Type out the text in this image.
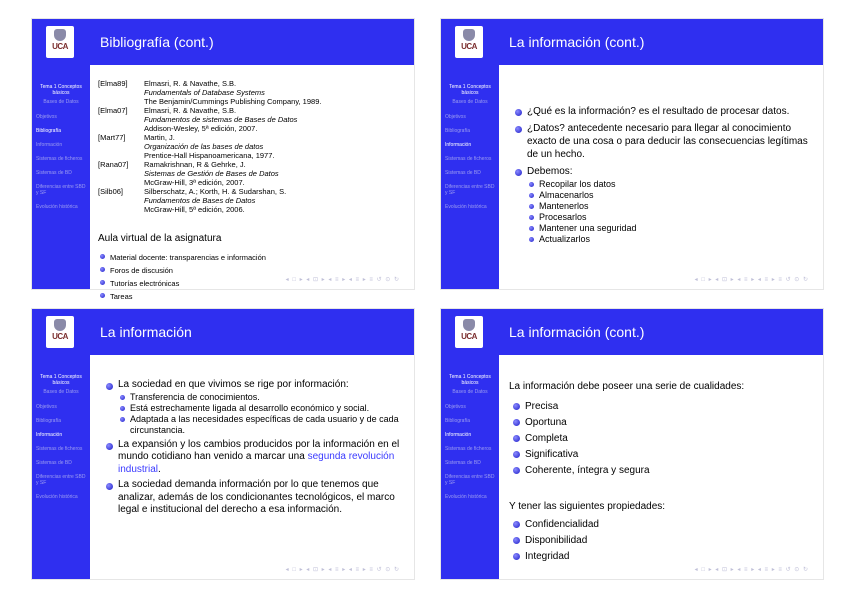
UCA
Tema 1 Conceptos básicos
Bases de Datos
Objetivos
Bibliografía
Información
Sistemas de ficheros
Sistemas de BD
Diferencias entre SBD y SF
Evolución histórica
Bibliografía (cont.)
[Elma89]	Elmasri, R. & Navathe, S.B.
Fundamentals of Database Systems
The Benjamin/Cummings Publishing Company, 1989.
[Elma07]	Elmasri, R. & Navathe, S.B.
Fundamentos de sistemas de Bases de Datos
Addison-Wesley, 5ª edición, 2007.
[Mart77]	Martin, J.
Organización de las bases de datos
Prentice-Hall Hispanoamericana, 1977.
[Rana07]	Ramakrishnan, R & Gehrke, J.
Sistemas de Gestión de Bases de Datos
McGraw-Hill, 3ª edición, 2007.
[Silb06]	Silberschatz, A.; Korth, H. & Sudarshan, S.
Fundamentos de Bases de Datos
McGraw-Hill, 5ª edición, 2006.
Aula virtual de la asignatura
Material docente: transparencias e información
Foros de discusión
Tutorías electrónicas
Tareas
◂ □ ▸ ◂ ⊡ ▸ ◂ ≡ ▸ ◂ ≡ ▸ ≡ ↺ ⊙ ↻
UCA
Tema 1 Conceptos básicos
Bases de Datos
Objetivos
Bibliografía
Información
Sistemas de ficheros
Sistemas de BD
Diferencias entre SBD y SF
Evolución histórica
La información (cont.)
¿Qué es la información? es el resultado de procesar datos.
¿Datos? antecedente necesario para llegar al conocimiento exacto de una cosa o para deducir las consecuencias legítimas de un hecho.
Debemos:
Recopilar los datos
Almacenarlos
Mantenerlos
Procesarlos
Mantener una seguridad
Actualizarlos
◂ □ ▸ ◂ ⊡ ▸ ◂ ≡ ▸ ◂ ≡ ▸ ≡ ↺ ⊙ ↻
UCA
Tema 1 Conceptos básicos
Bases de Datos
Objetivos
Bibliografía
Información
Sistemas de ficheros
Sistemas de BD
Diferencias entre SBD y SF
Evolución histórica
La información
La sociedad en que vivimos se rige por información:
Transferencia de conocimientos.
Está estrechamente ligada al desarrollo económico y social.
Adaptada a las necesidades específicas de cada usuario y de cada circunstancia.
La expansión y los cambios producidos por la información en el mundo cotidiano han venido a marcar una segunda revolución industrial.
La sociedad demanda información por lo que tenemos que analizar, además de los condicionantes tecnológicos, el marco legal e institucional del derecho a esa información.
◂ □ ▸ ◂ ⊡ ▸ ◂ ≡ ▸ ◂ ≡ ▸ ≡ ↺ ⊙ ↻
UCA
Tema 1 Conceptos básicos
Bases de Datos
Objetivos
Bibliografía
Información
Sistemas de ficheros
Sistemas de BD
Diferencias entre SBD y SF
Evolución histórica
La información (cont.)
La información debe poseer una serie de cualidades:
Precisa
Oportuna
Completa
Significativa
Coherente, íntegra y segura
Y tener las siguientes propiedades:
Confidencialidad
Disponibilidad
Integridad
◂ □ ▸ ◂ ⊡ ▸ ◂ ≡ ▸ ◂ ≡ ▸ ≡ ↺ ⊙ ↻
